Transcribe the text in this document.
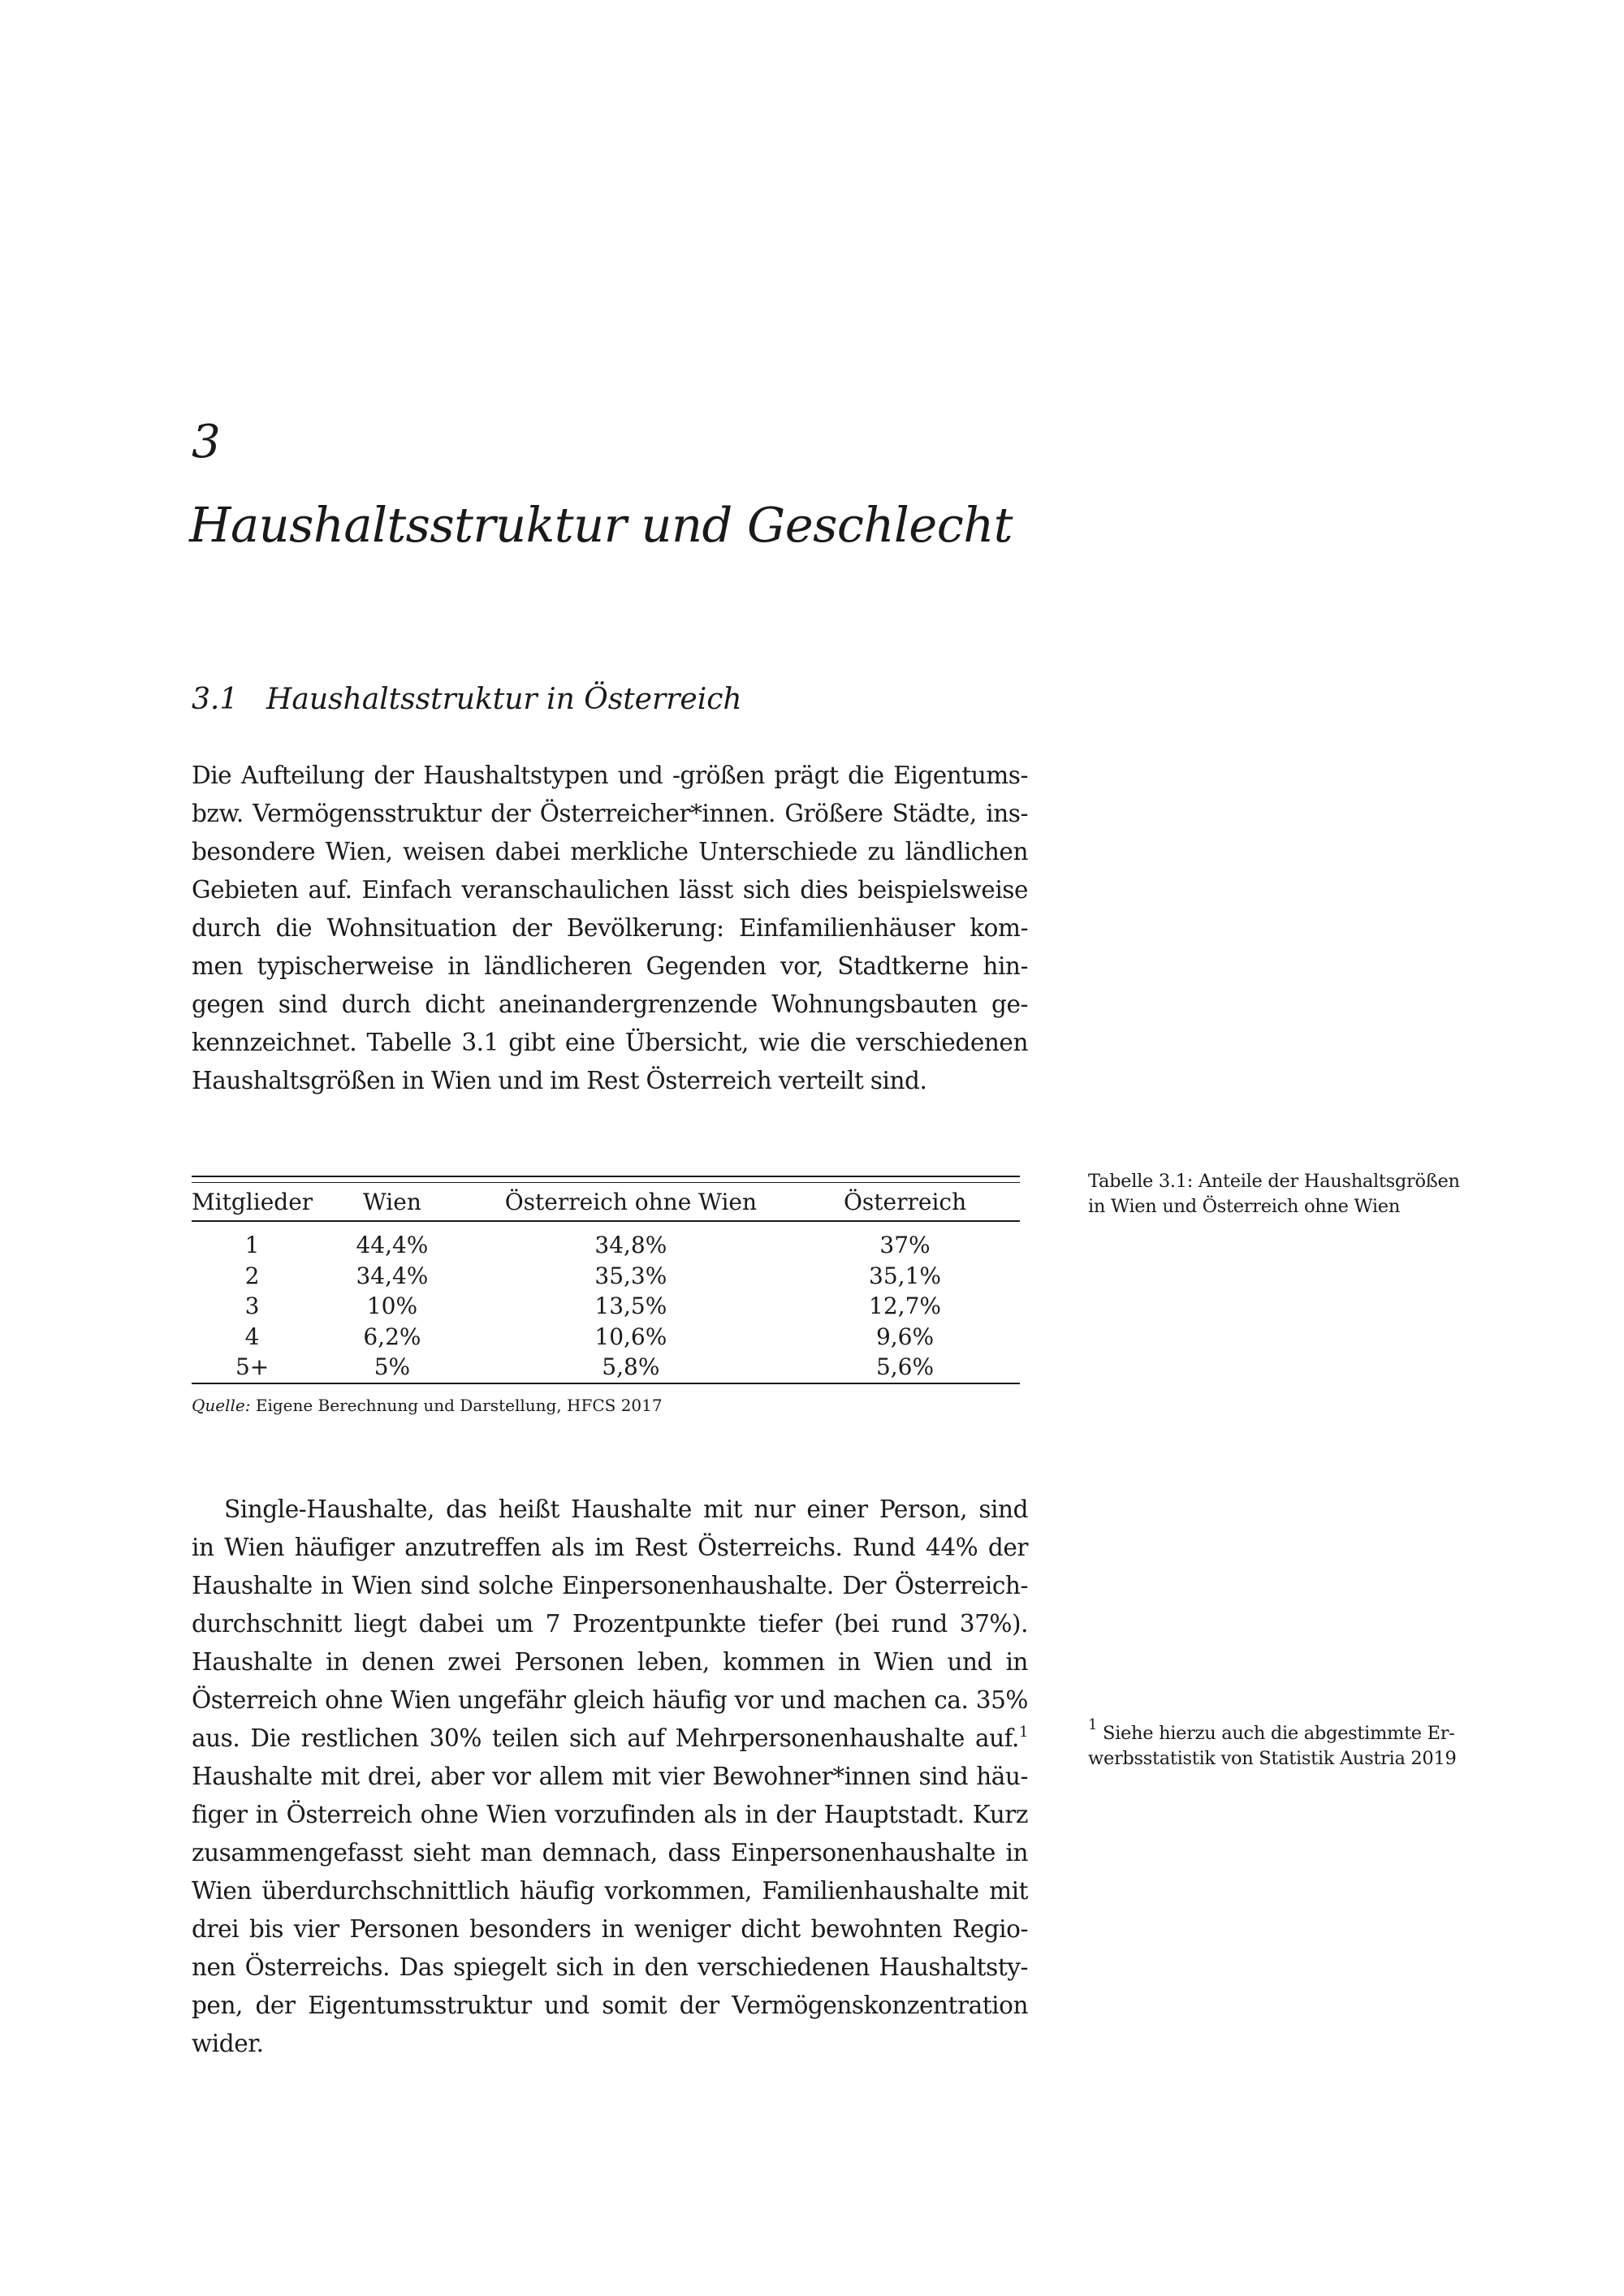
3
Haushaltsstruktur und Geschlecht
3.1 Haushaltsstruktur in Österreich
Die Aufteilung der Haushaltstypen und -größen prägt die Eigentums-
bzw. Vermögensstruktur der Österreicher*innen. Größere Städte, ins-
besondere Wien, weisen dabei merkliche Unterschiede zu ländlichen
Gebieten auf. Einfach veranschaulichen lässt sich dies beispielsweise
durch die Wohnsituation der Bevölkerung: Einfamilienhäuser kom-
men typischerweise in ländlicheren Gegenden vor, Stadtkerne hin-
gegen sind durch dicht aneinandergrenzende Wohnungsbauten ge-
kennzeichnet. Tabelle 3.1 gibt eine Übersicht, wie die verschiedenen
Haushaltsgrößen in Wien und im Rest Österreich verteilt sind.
Mitglieder	Wien	Österreich ohne Wien	Österreich

1	44,4%	34,8%	37%
2	34,4%	35,3%	35,1%
3	10%	13,5%	12,7%
4	6,2%	10,6%	9,6%
5+	5%	5,8%	5,6%
Quelle: Eigene Berechnung und Darstellung, HFCS 2017
Tabelle 3.1: Anteile der Haushaltsgrößen
in Wien und Österreich ohne Wien
Single-Haushalte, das heißt Haushalte mit nur einer Person, sind
in Wien häufiger anzutreffen als im Rest Österreichs. Rund 44% der
Haushalte in Wien sind solche Einpersonenhaushalte. Der Österreich-
durchschnitt liegt dabei um 7 Prozentpunkte tiefer (bei rund 37%).
Haushalte in denen zwei Personen leben, kommen in Wien und in
Österreich ohne Wien ungefähr gleich häufig vor und machen ca. 35%
aus. Die restlichen 30% teilen sich auf Mehrpersonenhaushalte auf.$^1$
Haushalte mit drei, aber vor allem mit vier Bewohner*innen sind häu-
figer in Österreich ohne Wien vorzufinden als in der Hauptstadt. Kurz
zusammengefasst sieht man demnach, dass Einpersonenhaushalte in
Wien überdurchschnittlich häufig vorkommen, Familienhaushalte mit
drei bis vier Personen besonders in weniger dicht bewohnten Regio-
nen Österreichs. Das spiegelt sich in den verschiedenen Haushaltsty-
pen, der Eigentumsstruktur und somit der Vermögenskonzentration
wider.
$^1$ Siehe hierzu auch die abgestimmte Er-
werbsstatistik von Statistik Austria 2019
